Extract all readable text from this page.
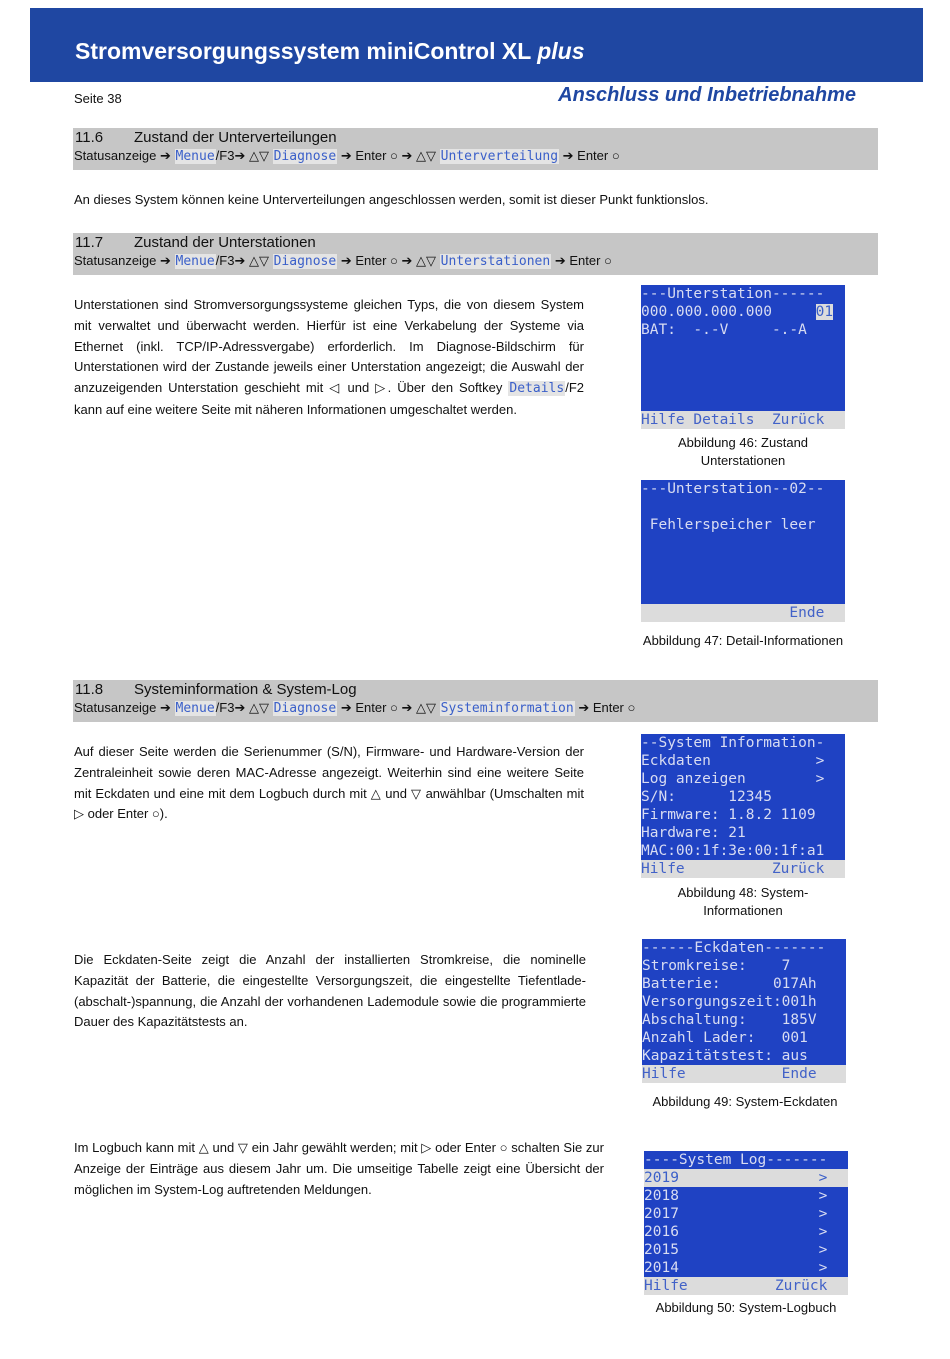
Stromversorgungssystem miniControl XL plus
Seite 38	Anschluss und Inbetriebnahme
11.6 Zustand der Unterverteilungen
Statusanzeige ➔ Menue/F3➔ △▽ Diagnose ➔ Enter ○ ➔ △▽ Unterverteilung ➔ Enter ○
An dieses System können keine Unterverteilungen angeschlossen werden, somit ist dieser Punkt funktionslos.
11.7 Zustand der Unterstationen
Statusanzeige ➔ Menue/F3➔ △▽ Diagnose ➔ Enter ○ ➔ △▽ Unterstationen ➔ Enter ○
Unterstationen sind Stromversorgungssysteme gleichen Typs, die von diesem System mit verwaltet und überwacht werden. Hierfür ist eine Verkabelung der Systeme via Ethernet (inkl. TCP/IP-Adressvergabe) erforderlich. Im Diagnose-Bildschirm für Unterstationen wird der Zustande jeweils einer Unterstation angezeigt; die Auswahl der anzuzeigenden Unterstation geschieht mit ◁ und ▷. Über den Softkey Details/F2 kann auf eine weitere Seite mit näheren Informationen umgeschaltet werden.
---Unterstation------
000.000.000.000     01
BAT:  -.-V     -.-A
Hilfe Details  Zurück
Abbildung 46: Zustand Unterstationen
---Unterstation--02--
Fehlerspeicher leer
Ende
Abbildung 47: Detail-Informationen
11.8 Systeminformation & System-Log
Statusanzeige ➔ Menue/F3➔ △▽ Diagnose ➔ Enter ○ ➔ △▽ Systeminformation ➔ Enter ○
Auf dieser Seite werden die Serienummer (S/N), Firmware- und Hardware-Version der Zentraleinheit sowie deren MAC-Adresse angezeigt. Weiterhin sind eine weitere Seite mit Eckdaten und eine mit dem Logbuch durch mit △ und ▽ anwählbar (Umschalten mit ▷ oder Enter ○).
--System Information-
Eckdaten            >
Log anzeigen        >
S/N:      12345
Firmware: 1.8.2 1109
Hardware: 21
MAC:00:1f:3e:00:1f:a1
Hilfe          Zurück
Abbildung 48: System-Informationen
Die Eckdaten-Seite zeigt die Anzahl der installierten Stromkreise, die nominelle Kapazität der Batterie, die eingestellte Versorgungszeit, die eingestellte Tiefentlade-(abschalt-)spannung, die Anzahl der vorhandenen Lademodule sowie die programmierte Dauer des Kapazitätstests an.
------Eckdaten-------
Stromkreise:    7
Batterie:      017Ah
Versorgungszeit:001h
Abschaltung:    185V
Anzahl Lader:   001
Kapazitätstest: aus
Hilfe           Ende
Abbildung 49: System-Eckdaten
Im Logbuch kann mit △ und ▽ ein Jahr gewählt werden; mit ▷ oder Enter ○ schalten Sie zur Anzeige der Einträge aus diesem Jahr um. Die umseitige Tabelle zeigt eine Übersicht der möglichen im System-Log auftretenden Meldungen.
----System Log-------
2019                >
2018                >
2017                >
2016                >
2015                >
2014                >
Hilfe          Zurück
Abbildung 50: System-Logbuch
